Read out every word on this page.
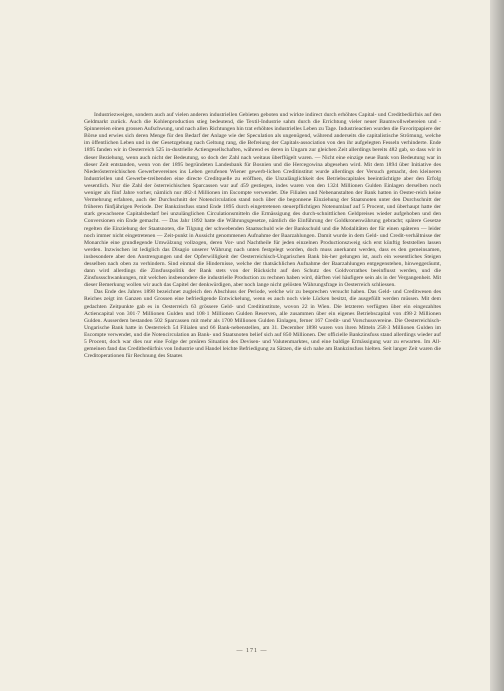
Industriezweigen, sondern auch auf vielen anderen industriellen Gebieten geboten und wirkte indirect durch erhöhtes Capital- und Creditbedürfnis auf den Geldmarkt zurück. Auch die Kohlenproduction stieg bedeutend, die Textil-Industrie sahm durch die Errichtung vieler neuer Baumwollwebereien und -Spinnereien einen grossen Aufschwung, und nach allen Richtungen hin trat erhöhtes industrielles Leben zu Tage. Industrieactien wurden die Favoritpapiere der Börse und erwies sich deren Menge für den Bedarf der Anlage wie der Speculation als ungenügend, während anderseits die capitalistische Strömung, welche im öffentlichen Leben und in der Gesetzgebung nach Geltung rang, die Befreiung der Capitals-association von den ihr aufgelegten Fesseln verhinderte. Ende 1895 fanden wir in Oesterreich 525 in-dustrielle Actiengesellschaften, während es deren in Ungarn zur gleichen Zeit allerdings bereits 482 gab, so dass wir in dieser Beziehung, wenn auch nicht der Bedeutung, so doch der Zahl nach weitaus überflügelt waren. — Nicht eine einzige neue Bank von Bedeutung war in dieser Zeit entstanden, wenn von der 1895 begründeten Landesbank für Bosnien und die Hercegowina abgesehen wird. Mit dem 1894 über Initiative des Niederösterreichischen Gewerbevereines ins Leben gerufenen Wiener gewerb-lichen Creditinstitut wurde allerdings der Versuch gemacht, den kleineren Industriellen und Gewerbe-treibenden eine directe Creditquelle zu eröffnen, die Unzulänglichkeit des Betriebscapitales beeinträchtigte aber den Erfolg wesentlich. Nur die Zahl der österreichischen Sparcassen war auf 459 gestiegen, indes waren von den 1324 Millionen Gulden Einlagen derselben noch weniger als fünf Jahre vorher, nämlich nur 482·4 Millionen im Escompte verwendet. Die Filialen und Nebenanstalten der Bank hatten in Oester-reich keine Vermehrung erfahren, auch der Durchschnitt der Notencirculation stand noch über die begonnene Einziehung der Staatsnoten unter den Durchschnitt der früheren fünfjährigen Periode. Der Bankzinsfuss stand Ende 1895 durch eingetretenen steuerpflichtigen Notenumlauf auf 5 Procent, und überhaupt hatte der stark gewachsene Capitalsbedarf bei unzulänglichen Circulationsmitteln die Ermässigung des durch-schnittlichen Geldpreises wieder aufgehoben und den Conversionen ein Ende gemacht. — Das Jahr 1892 hatte die Währungsgesetze, nämlich die Einführung der Goldkronenwährung gebracht; spätere Gesetze regelten die Einziehung der Staatsnoten, die Tilgung der schwebenden Staatsschuld wie der Bankschuld und die Modalitäten der für einen späteren — leider noch immer nicht eingetretenen — Zeit-punkt in Aussicht genommenen Aufnahme der Baarzahlungen. Damit wurde in dem Geld- und Credit-verhältnisse der Monarchie eine grundlegende Umwälzung vollzogen, deren Vor- und Nachtheile für jeden einzelnen Productionszweig sich erst künftig feststellen lassen werden. Inzwischen ist lediglich das Disagio unserer Währung nach unten festgelegt worden, doch muss anerkannt werden, dass es den gemeinsamen, insbesondere aber den Anstrengungen und der Opferwilligkeit der Oesterreichisch-Ungarischen Bank bis-her gelungen ist, auch ein wesentliches Steigen desselben nach oben zu verhindern. Sind einmal die Hindernisse, welche der thatsächlichen Aufnahme der Baarzahlungen entgegenstehen, hinweggeräumt, dann wird allerdings die Zinsfusspolitik der Bank stets von der Rücksicht auf den Schutz des Goldvorrathes beeinflusst werden, und die Zinsfussschwankungen, mit welchen insbesondere die industrielle Production zu rechnen haben wird, dürften viel häufigere sein als in der Vergangenheit. Mit dieser Bemerkung wollen wir auch das Capitel der denkwürdigen, aber noch lange nicht gelösten Währungsfrage in Oesterreich schliessen.

Das Ende des Jahres 1898 bezeichnet zugleich den Abschluss der Periode, welche wir zu besprechen versucht haben. Das Geld- und Creditwesen des Reiches zeigt im Ganzen und Grossen eine befriedigende Entwickelung, wenn es auch noch viele Lücken besitzt, die ausgefüllt werden müssen. Mit dem gedachten Zeitpunkte gab es in Oesterreich 63 grössere Geld- und Creditinstitute, wovon 22 in Wien. Die letzteren verfügten über ein eingezahltes Actiencapital von 301·7 Millionen Gulden und 108·1 Millionen Gulden Reserven, alle zusammen über ein eigenes Betriebscapital von 498·2 Millionen Gulden. Ausserdem bestanden 502 Sparcassen mit mehr als 1700 Millionen Gulden Einlagen, ferner 167 Credit- und Vorschussvereine. Die Oesterreichisch-Ungarische Bank hatte in Oesterreich 54 Filialen und 66 Bank-nebenstellen, am 31. December 1898 waren von ihren Mitteln 258·3 Millionen Gulden im Escompte verwendet, und die Notencirculation an Bank- und Staatsnoten belief sich auf 850 Millionen. Der officielle Bankzinsfuss stand allerdings wieder auf 5 Procent, doch war dies nur eine Folge der preären Situation des Devisen- und Valutenmarktes, und eine baldige Ermässigung war zu erwarten. Im All-gemeinen fand das Creditbedürfnis von Industrie und Handel leichte Befriedigung zu Sätzen, die sich nahe am Bankzinsfuss hielten. Seit langer Zeit waren die Creditoperationen für Rechnung des Staates

— 171 —
